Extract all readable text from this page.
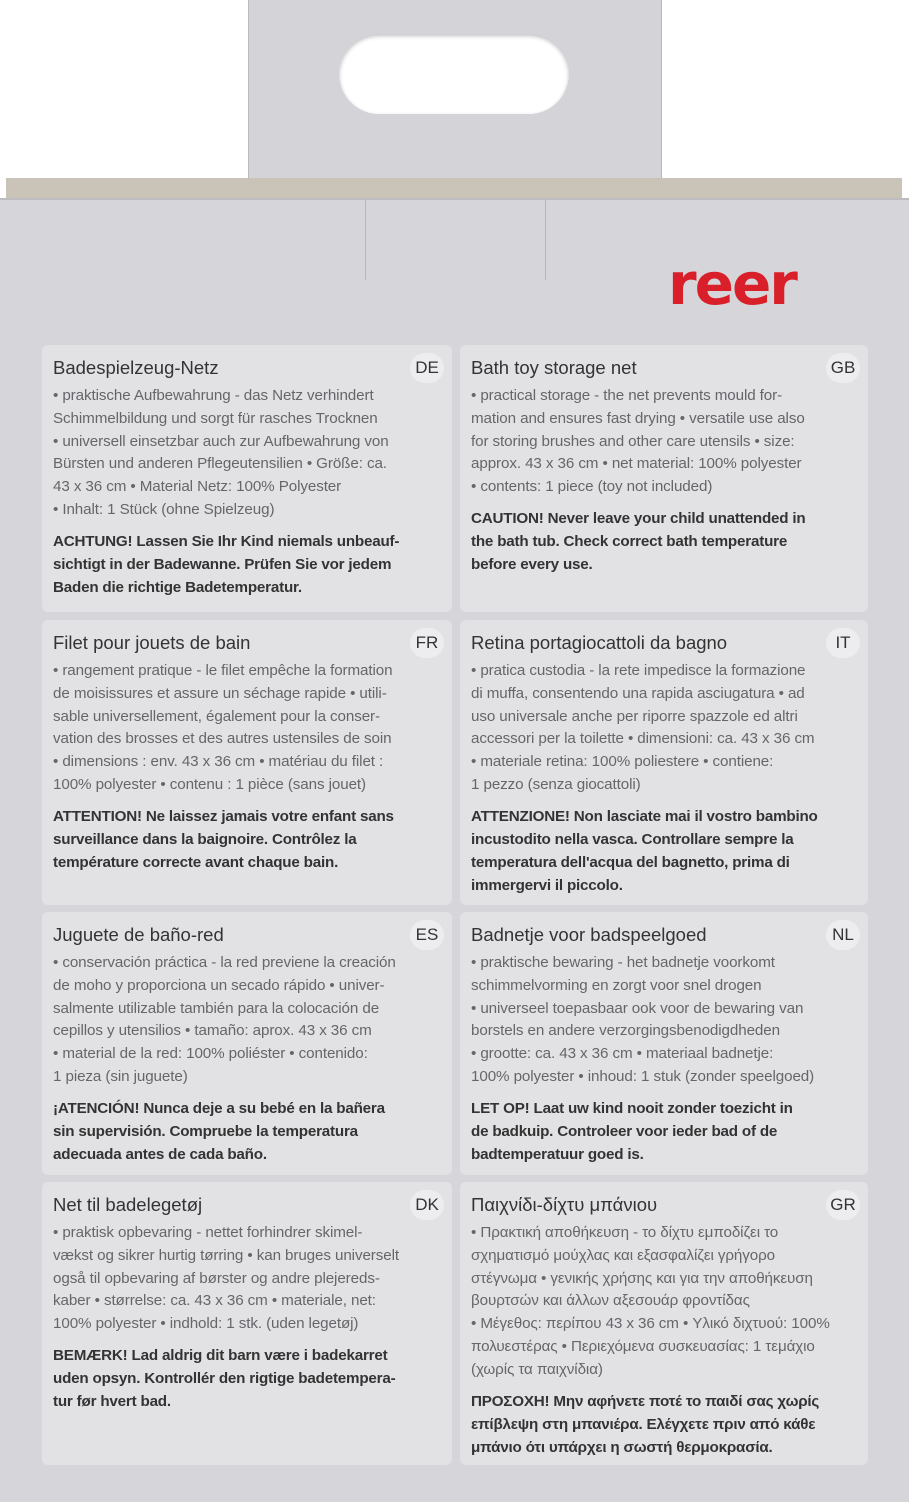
reer
Badespielzeug-Netz	DE
• praktische Aufbewahrung - das Netz verhindert
Schimmelbildung und sorgt für rasches Trocknen
• universell einsetzbar auch zur Aufbewahrung von
Bürsten und anderen Pflegeutensilien • Größe: ca.
43 x 36 cm • Material Netz: 100% Polyester
• Inhalt: 1 Stück (ohne Spielzeug)
ACHTUNG! Lassen Sie Ihr Kind niemals unbeauf-
sichtigt in der Badewanne. Prüfen Sie vor jedem
Baden die richtige Badetemperatur.
Bath toy storage net	GB
• practical storage - the net prevents mould for-
mation and ensures fast drying • versatile use also
for storing brushes and other care utensils • size:
approx. 43 x 36 cm • net material: 100% polyester
• contents: 1 piece (toy not included)
CAUTION! Never leave your child unattended in
the bath tub. Check correct bath temperature
before every use.
Filet pour jouets de bain	FR
• rangement pratique - le filet empêche la formation
de moisissures et assure un séchage rapide • utili-
sable universellement, également pour la conser-
vation des brosses et des autres ustensiles de soin
• dimensions : env. 43 x 36 cm • matériau du filet :
100% polyester • contenu : 1 pièce (sans jouet)
ATTENTION! Ne laissez jamais votre enfant sans
surveillance dans la baignoire. Contrôlez la
température correcte avant chaque bain.
Retina portagiocattoli da bagno	IT
• pratica custodia - la rete impedisce la formazione
di muffa, consentendo una rapida asciugatura • ad
uso universale anche per riporre spazzole ed altri
accessori per la toilette • dimensioni: ca. 43 x 36 cm
• materiale retina: 100% poliestere • contiene:
1 pezzo (senza giocattoli)
ATTENZIONE! Non lasciate mai il vostro bambino
incustodito nella vasca. Controllare sempre la
temperatura dell'acqua del bagnetto, prima di
immergervi il piccolo.
Juguete de baño-red	ES
• conservación práctica - la red previene la creación
de moho y proporciona un secado rápido • univer-
salmente utilizable también para la colocación de
cepillos y utensilios • tamaño: aprox. 43 x 36 cm
• material de la red: 100% poliéster • contenido:
1 pieza (sin juguete)
¡ATENCIÓN! Nunca deje a su bebé en la bañera
sin supervisión. Compruebe la temperatura
adecuada antes de cada baño.
Badnetje voor badspeelgoed	NL
• praktische bewaring - het badnetje voorkomt
schimmelvorming en zorgt voor snel drogen
• universeel toepasbaar ook voor de bewaring van
borstels en andere verzorgingsbenodigdheden
• grootte: ca. 43 x 36 cm • materiaal badnetje:
100% polyester • inhoud: 1 stuk (zonder speelgoed)
LET OP! Laat uw kind nooit zonder toezicht in
de badkuip. Controleer voor ieder bad of de
badtemperatuur goed is.
Net til badelegetøj	DK
• praktisk opbevaring - nettet forhindrer skimel-
vækst og sikrer hurtig tørring • kan bruges universelt
også til opbevaring af børster og andre plejereds-
kaber • størrelse: ca. 43 x 36 cm • materiale, net:
100% polyester • indhold: 1 stk. (uden legetøj)
BEMÆRK! Lad aldrig dit barn være i badekarret
uden opsyn. Kontrollér den rigtige badetempera-
tur før hvert bad.
Παιχνίδι-δίχτυ μπάνιου	GR
• Πρακτική αποθήκευση - το δίχτυ εμποδίζει το
σχηματισμό μούχλας και εξασφαλίζει γρήγορο
στέγνωμα • γενικής χρήσης και για την αποθήκευση
βουρτσών και άλλων αξεσουάρ φροντίδας
• Μέγεθος: περίπου 43 x 36 cm • Υλικό διχτυού: 100%
πολυεστέρας • Περιεχόμενα συσκευασίας: 1 τεμάχιο
(χωρίς τα παιχνίδια)
ΠΡΟΣΟΧΗ! Μην αφήνετε ποτέ το παιδί σας χωρίς
επίβλεψη στη μπανιέρα. Ελέγχετε πριν από κάθε
μπάνιο ότι υπάρχει η σωστή θερμοκρασία.
